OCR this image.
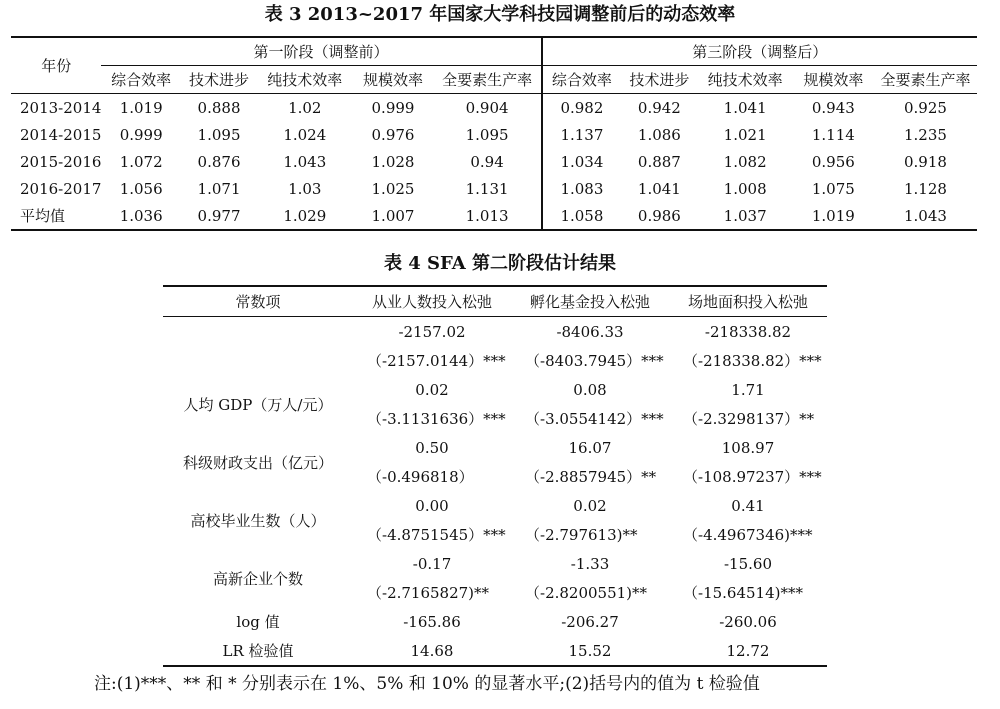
表 3 2013~2017 年国家大学科技园调整前后的动态效率
年份	第一阶段（调整前）					第三阶段（调整后）				
	综合效率	技术进步	纯技术效率	规模效率	全要素生产率	综合效率	技术进步	纯技术效率	规模效率	全要素生产率
2013-2014	1.019	0.888	1.02	0.999	0.904	0.982	0.942	1.041	0.943	0.925
2014-2015	0.999	1.095	1.024	0.976	1.095	1.137	1.086	1.021	1.114	1.235
2015-2016	1.072	0.876	1.043	1.028	0.94	1.034	0.887	1.082	0.956	0.918
2016-2017	1.056	1.071	1.03	1.025	1.131	1.083	1.041	1.008	1.075	1.128
平均值	1.036	0.977	1.029	1.007	1.013	1.058	0.986	1.037	1.019	1.043
表 4 SFA 第二阶段估计结果
常数项	从业人数投入松弛	孵化基金投入松弛	场地面积投入松弛
	-2157.02	-8406.33	-218338.82
	（-2157.0144）***	（-8403.7945）***	（-218338.82）***
人均 GDP（万人/元）	0.02	0.08	1.71
	（-3.1131636）***	（-3.0554142）***	（-2.3298137）**
科级财政支出（亿元）	0.50	16.07	108.97
	（-0.496818）	（-2.8857945）**	（-108.97237）***
高校毕业生数（人）	0.00	0.02	0.41
	（-4.8751545）***	（-2.797613)**	（-4.4967346)***
高新企业个数	-0.17	-1.33	-15.60
	（-2.7165827)**	（-2.8200551)**	（-15.64514)***
log 值	-165.86	-206.27	-260.06
LR 检验值	14.68	15.52	12.72
注:(1)***、** 和 * 分别表示在 1%、5% 和 10% 的显著水平;(2)括号内的值为 t 检验值
